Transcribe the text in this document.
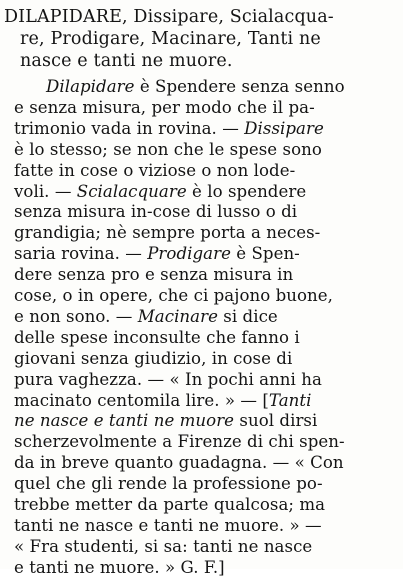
DILAPIDARE, Dissipare, Scialacqua-
re, Prodigare, Macinare, Tanti ne
nasce e tanti ne muore.
Dilapidare è Spendere senza senno
e senza misura, per modo che il pa-
trimonio vada in rovina. — Dissipare
è lo stesso; se non che le spese sono
fatte in cose o viziose o non lode-
voli. — Scialacquare è lo spendere
senza misura in-cose di lusso o di
grandigia; nè sempre porta a neces-
saria rovina. — Prodigare è Spen-
dere senza pro e senza misura in
cose, o in opere, che ci pajono buone,
e non sono. — Macinare si dice
delle spese inconsulte che fanno i
giovani senza giudizio, in cose di
pura vaghezza. — « In pochi anni ha
macinato centomila lire. » — [Tanti
ne nasce e tanti ne muore suol dirsi
scherzevolmente a Firenze di chi spen-
da in breve quanto guadagna. — « Con
quel che gli rende la professione po-
trebbe metter da parte qualcosa; ma
tanti ne nasce e tanti ne muore. » —
« Fra studenti, si sa: tanti ne nasce
e tanti ne muore. » G. F.]
